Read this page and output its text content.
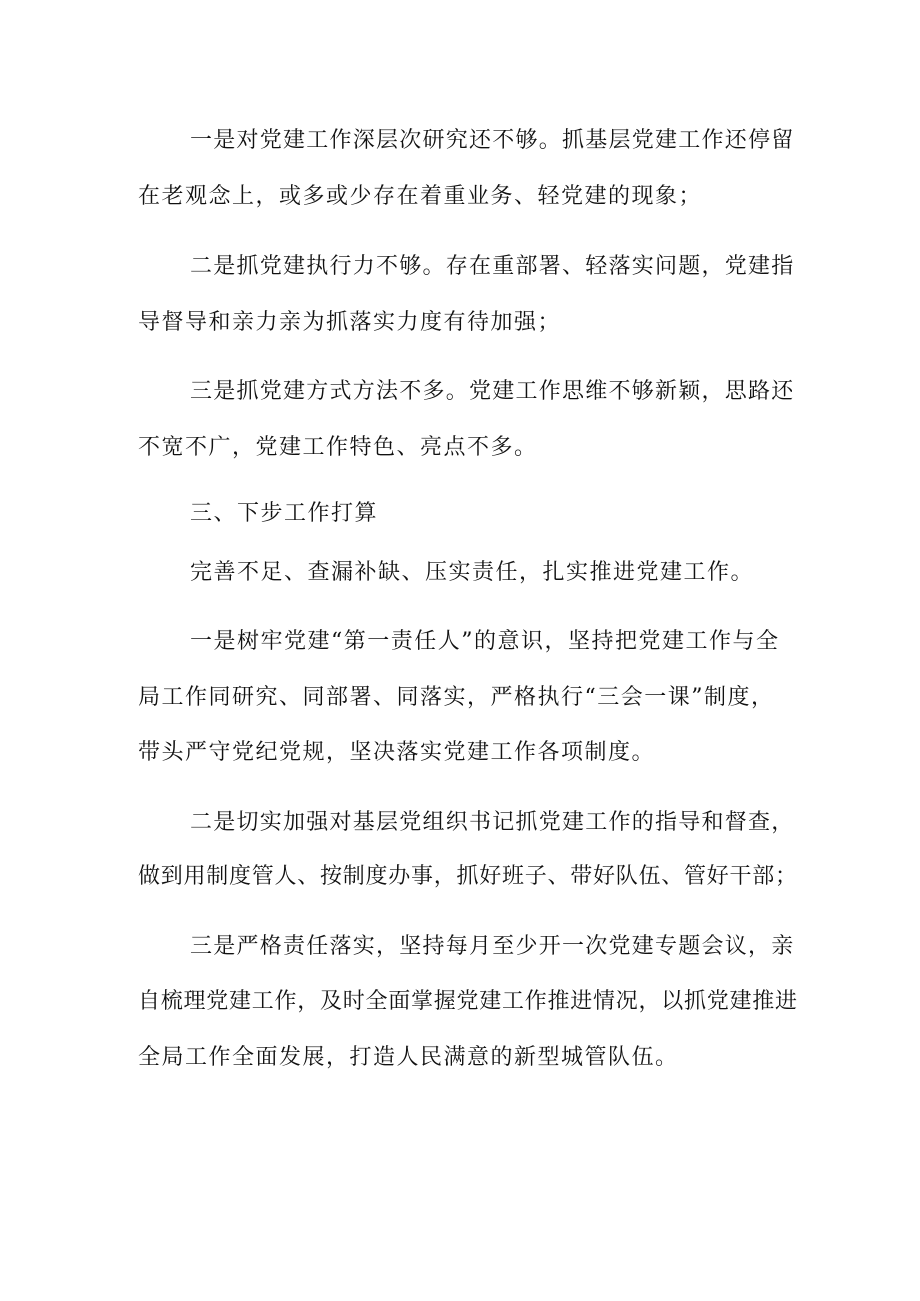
一是对党建工作深层次研究还不够。抓基层党建工作还停留
在老观念上，或多或少存在着重业务、轻党建的现象；
二是抓党建执行力不够。存在重部署、轻落实问题，党建指
导督导和亲力亲为抓落实力度有待加强；
三是抓党建方式方法不多。党建工作思维不够新颖，思路还
不宽不广，党建工作特色、亮点不多。
三、下步工作打算
完善不足、查漏补缺、压实责任，扎实推进党建工作。
一是树牢党建“第一责任人”的意识，坚持把党建工作与全
局工作同研究、同部署、同落实，严格执行“三会一课”制度，
带头严守党纪党规，坚决落实党建工作各项制度。
二是切实加强对基层党组织书记抓党建工作的指导和督查，
做到用制度管人、按制度办事，抓好班子、带好队伍、管好干部；
三是严格责任落实，坚持每月至少开一次党建专题会议，亲
自梳理党建工作，及时全面掌握党建工作推进情况，以抓党建推进
全局工作全面发展，打造人民满意的新型城管队伍。
